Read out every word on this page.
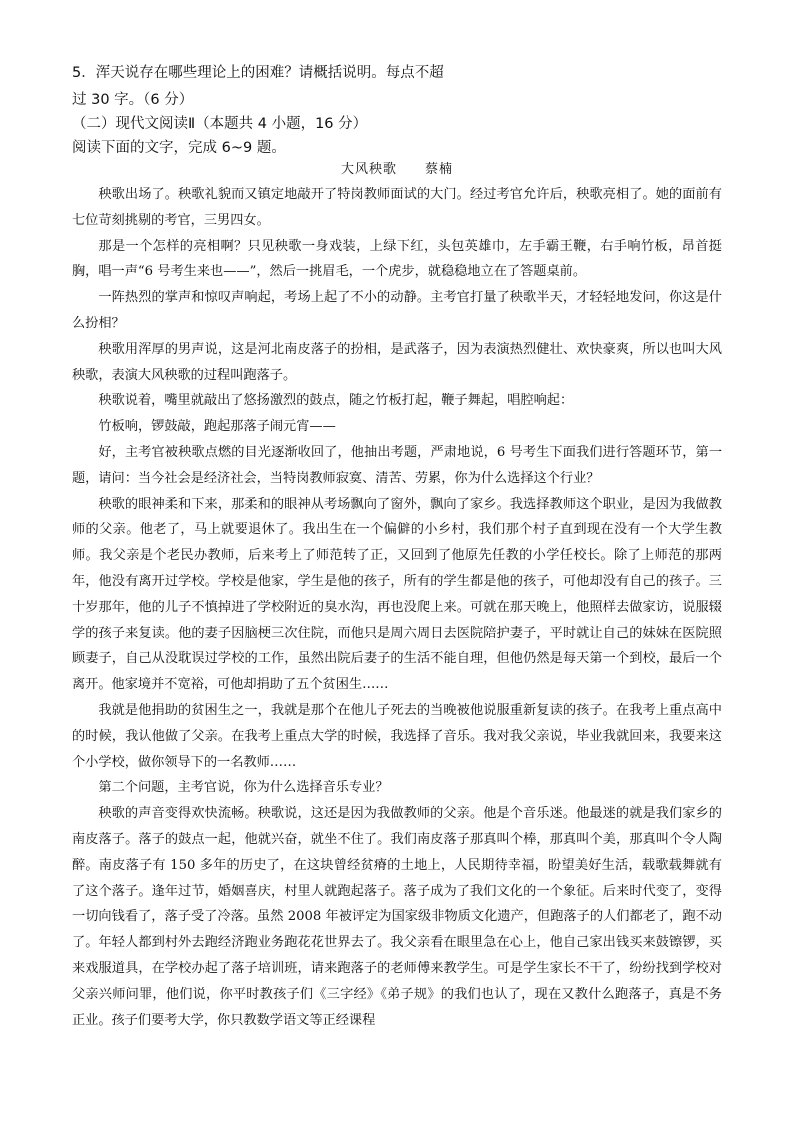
5．浑天说存在哪些理论上的困难？请概括说明。每点不超
过 30 字。（6 分）
（二）现代文阅读Ⅱ（本题共 4 小题，16 分）
阅读下面的文字，完成 6~9 题。
大风秧歌　　蔡楠

秧歌出场了。秧歌礼貌而又镇定地敲开了特岗教师面试的大门。经过考官允许后，秧歌亮相了。她的面前有七位苛刻挑剔的考官，三男四女。

那是一个怎样的亮相啊？只见秧歌一身戏装，上绿下红，头包英雄巾，左手霸王鞭，右手响竹板，昂首挺胸，唱一声“6 号考生来也——”，然后一挑眉毛，一个虎步，就稳稳地立在了答题桌前。

一阵热烈的掌声和惊叹声响起，考场上起了不小的动静。主考官打量了秧歌半天，才轻轻地发问，你这是什么扮相？

秧歌用浑厚的男声说，这是河北南皮落子的扮相，是武落子，因为表演热烈健壮、欢快豪爽，所以也叫大风秧歌，表演大风秧歌的过程叫跑落子。

秧歌说着，嘴里就敲出了悠扬激烈的鼓点，随之竹板打起，鞭子舞起，唱腔响起：

竹板响，锣鼓敲，跑起那落子闹元宵——

好，主考官被秧歌点燃的目光逐渐收回了，他抽出考题，严肃地说，6 号考生下面我们进行答题环节，第一题，请问：当今社会是经济社会，当特岗教师寂寞、清苦、劳累，你为什么选择这个行业？

秧歌的眼神柔和下来，那柔和的眼神从考场飘向了窗外，飘向了家乡。我选择教师这个职业，是因为我做教师的父亲。他老了，马上就要退休了。我出生在一个偏僻的小乡村，我们那个村子直到现在没有一个大学生教师。我父亲是个老民办教师，后来考上了师范转了正，又回到了他原先任教的小学任校长。除了上师范的那两年，他没有离开过学校。学校是他家，学生是他的孩子，所有的学生都是他的孩子，可他却没有自己的孩子。三十岁那年，他的儿子不慎掉进了学校附近的臭水沟，再也没爬上来。可就在那天晚上，他照样去做家访，说服辍学的孩子来复读。他的妻子因脑梗三次住院，而他只是周六周日去医院陪护妻子，平时就让自己的妹妹在医院照顾妻子，自己从没耽误过学校的工作，虽然出院后妻子的生活不能自理，但他仍然是每天第一个到校，最后一个离开。他家境并不宽裕，可他却捐助了五个贫困生……

我就是他捐助的贫困生之一，我就是那个在他儿子死去的当晚被他说服重新复读的孩子。在我考上重点高中的时候，我认他做了父亲。在我考上重点大学的时候，我选择了音乐。我对我父亲说，毕业我就回来，我要来这个小学校，做你领导下的一名教师……

第二个问题，主考官说，你为什么选择音乐专业？

秧歌的声音变得欢快流畅。秧歌说，这还是因为我做教师的父亲。他是个音乐迷。他最迷的就是我们家乡的南皮落子。落子的鼓点一起，他就兴奋，就坐不住了。我们南皮落子那真叫个棒，那真叫个美，那真叫个令人陶醉。南皮落子有 150 多年的历史了，在这块曾经贫瘠的土地上，人民期待幸福，盼望美好生活，载歌载舞就有了这个落子。逢年过节，婚姻喜庆，村里人就跑起落子。落子成为了我们文化的一个象征。后来时代变了，变得一切向钱看了，落子受了冷落。虽然 2008 年被评定为国家级非物质文化遗产，但跑落子的人们都老了，跑不动了。年轻人都到村外去跑经济跑业务跑花花世界去了。我父亲看在眼里急在心上，他自己家出钱买来鼓镲锣，买来戏服道具，在学校办起了落子培训班，请来跑落子的老师傅来教学生。可是学生家长不干了，纷纷找到学校对父亲兴师问罪，他们说，你平时教孩子们《三字经》《弟子规》的我们也认了，现在又教什么跑落子，真是不务正业。孩子们要考大学，你只教数学语文等正经课程
